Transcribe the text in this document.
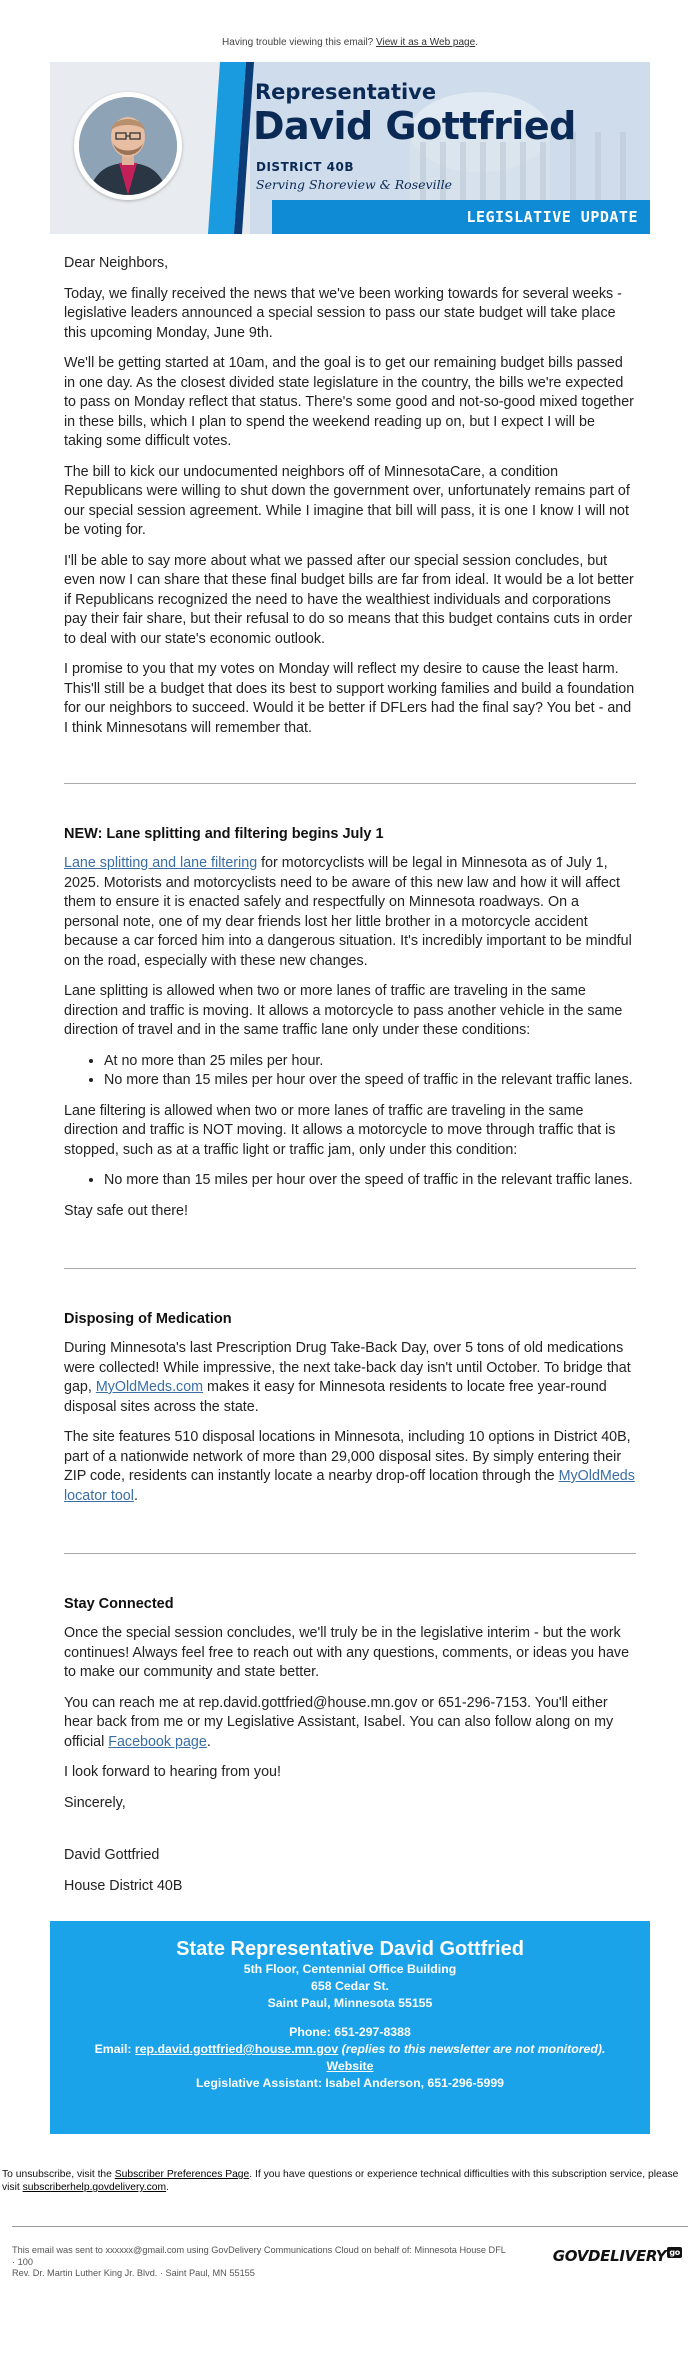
Having trouble viewing this email? View it as a Web page.
Representative
David Gottfried
DISTRICT 40B
Serving Shoreview & Roseville
LEGISLATIVE UPDATE

Dear Neighbors,

Today, we finally received the news that we've been working towards for several weeks - legislative leaders announced a special session to pass our state budget will take place this upcoming Monday, June 9th.

We'll be getting started at 10am, and the goal is to get our remaining budget bills passed in one day. As the closest divided state legislature in the country, the bills we're expected to pass on Monday reflect that status. There's some good and not-so-good mixed together in these bills, which I plan to spend the weekend reading up on, but I expect I will be taking some difficult votes.

The bill to kick our undocumented neighbors off of MinnesotaCare, a condition Republicans were willing to shut down the government over, unfortunately remains part of our special session agreement. While I imagine that bill will pass, it is one I know I will not be voting for.

I'll be able to say more about what we passed after our special session concludes, but even now I can share that these final budget bills are far from ideal. It would be a lot better if Republicans recognized the need to have the wealthiest individuals and corporations pay their fair share, but their refusal to do so means that this budget contains cuts in order to deal with our state's economic outlook.

I promise to you that my votes on Monday will reflect my desire to cause the least harm. This'll still be a budget that does its best to support working families and build a foundation for our neighbors to succeed. Would it be better if DFLers had the final say? You bet - and I think Minnesotans will remember that.

NEW: Lane splitting and filtering begins July 1

Lane splitting and lane filtering for motorcyclists will be legal in Minnesota as of July 1, 2025. Motorists and motorcyclists need to be aware of this new law and how it will affect them to ensure it is enacted safely and respectfully on Minnesota roadways. On a personal note, one of my dear friends lost her little brother in a motorcycle accident because a car forced him into a dangerous situation. It's incredibly important to be mindful on the road, especially with these new changes.

Lane splitting is allowed when two or more lanes of traffic are traveling in the same direction and traffic is moving. It allows a motorcycle to pass another vehicle in the same direction of travel and in the same traffic lane only under these conditions:

• At no more than 25 miles per hour.
• No more than 15 miles per hour over the speed of traffic in the relevant traffic lanes.

Lane filtering is allowed when two or more lanes of traffic are traveling in the same direction and traffic is NOT moving. It allows a motorcycle to move through traffic that is stopped, such as at a traffic light or traffic jam, only under this condition:

• No more than 15 miles per hour over the speed of traffic in the relevant traffic lanes.

Stay safe out there!

Disposing of Medication

During Minnesota's last Prescription Drug Take-Back Day, over 5 tons of old medications were collected! While impressive, the next take-back day isn't until October. To bridge that gap, MyOldMeds.com makes it easy for Minnesota residents to locate free year-round disposal sites across the state.

The site features 510 disposal locations in Minnesota, including 10 options in District 40B, part of a nationwide network of more than 29,000 disposal sites. By simply entering their ZIP code, residents can instantly locate a nearby drop-off location through the MyOldMeds locator tool.

Stay Connected

Once the special session concludes, we'll truly be in the legislative interim - but the work continues! Always feel free to reach out with any questions, comments, or ideas you have to make our community and state better.

You can reach me at rep.david.gottfried@house.mn.gov or 651-296-7153. You'll either hear back from me or my Legislative Assistant, Isabel. You can also follow along on my official Facebook page.

I look forward to hearing from you!

Sincerely,

David Gottfried

House District 40B

State Representative David Gottfried
5th Floor, Centennial Office Building
658 Cedar St.
Saint Paul, Minnesota 55155
Phone: 651-297-8388
Email: rep.david.gottfried@house.mn.gov (replies to this newsletter are not monitored).
Website
Legislative Assistant: Isabel Anderson, 651-296-5999
To unsubscribe, visit the Subscriber Preferences Page. If you have questions or experience technical difficulties with this subscription service, please visit subscriberhelp.govdelivery.com.
This email was sent to xxxxxx@gmail.com using GovDelivery Communications Cloud on behalf of: Minnesota House DFL · 100
Rev. Dr. Martin Luther King Jr. Blvd. · Saint Paul, MN 55155
GOVDELIVERY go
